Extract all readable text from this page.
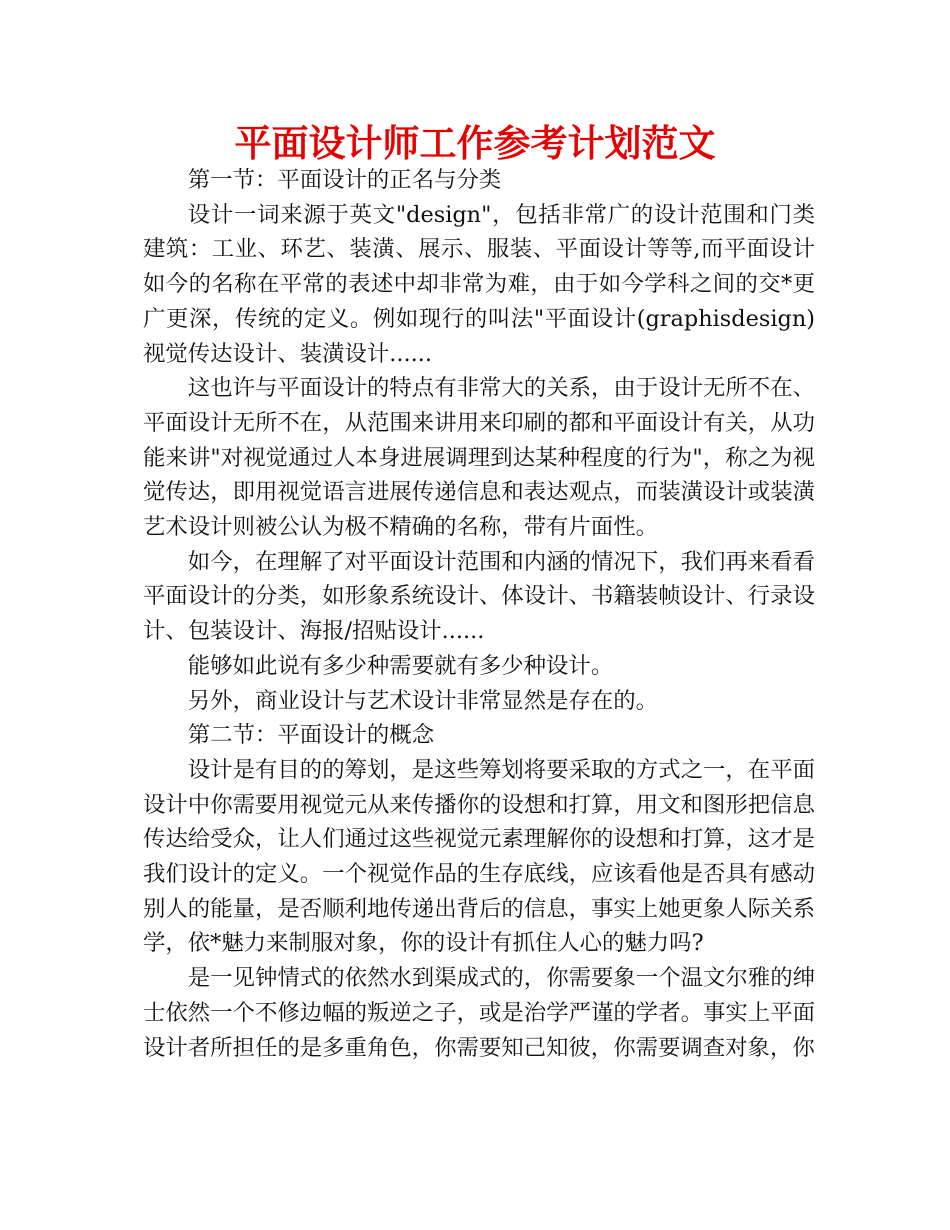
平面设计师工作参考计划范文

第一节：平面设计的正名与分类

设计一词来源于英文"design"，包括非常广的设计范围和门类建筑：工业、环艺、装潢、展示、服装、平面设计等等,而平面设计如今的名称在平常的表述中却非常为难，由于如今学科之间的交*更广更深，传统的定义。例如现行的叫法"平面设计(graphisdesign)视觉传达设计、装潢设计......

这也许与平面设计的特点有非常大的关系，由于设计无所不在、平面设计无所不在，从范围来讲用来印刷的都和平面设计有关，从功能来讲"对视觉通过人本身进展调理到达某种程度的行为"，称之为视觉传达，即用视觉语言进展传递信息和表达观点，而装潢设计或装潢艺术设计则被公认为极不精确的名称，带有片面性。

如今，在理解了对平面设计范围和内涵的情况下，我们再来看看平面设计的分类，如形象系统设计、体设计、书籍装帧设计、行录设计、包装设计、海报/招贴设计......

能够如此说有多少种需要就有多少种设计。

另外，商业设计与艺术设计非常显然是存在的。

第二节：平面设计的概念

设计是有目的的筹划，是这些筹划将要采取的方式之一，在平面设计中你需要用视觉元从来传播你的设想和打算，用文和图形把信息传达给受众，让人们通过这些视觉元素理解你的设想和打算，这才是我们设计的定义。一个视觉作品的生存底线，应该看他是否具有感动别人的能量，是否顺利地传递出背后的信息，事实上她更象人际关系学，依*魅力来制服对象，你的设计有抓住人心的魅力吗?

是一见钟情式的依然水到渠成式的，你需要象一个温文尔雅的绅士依然一个不修边幅的叛逆之子，或是治学严谨的学者。事实上平面设计者所担任的是多重角色，你需要知己知彼，你需要调查对象，你
